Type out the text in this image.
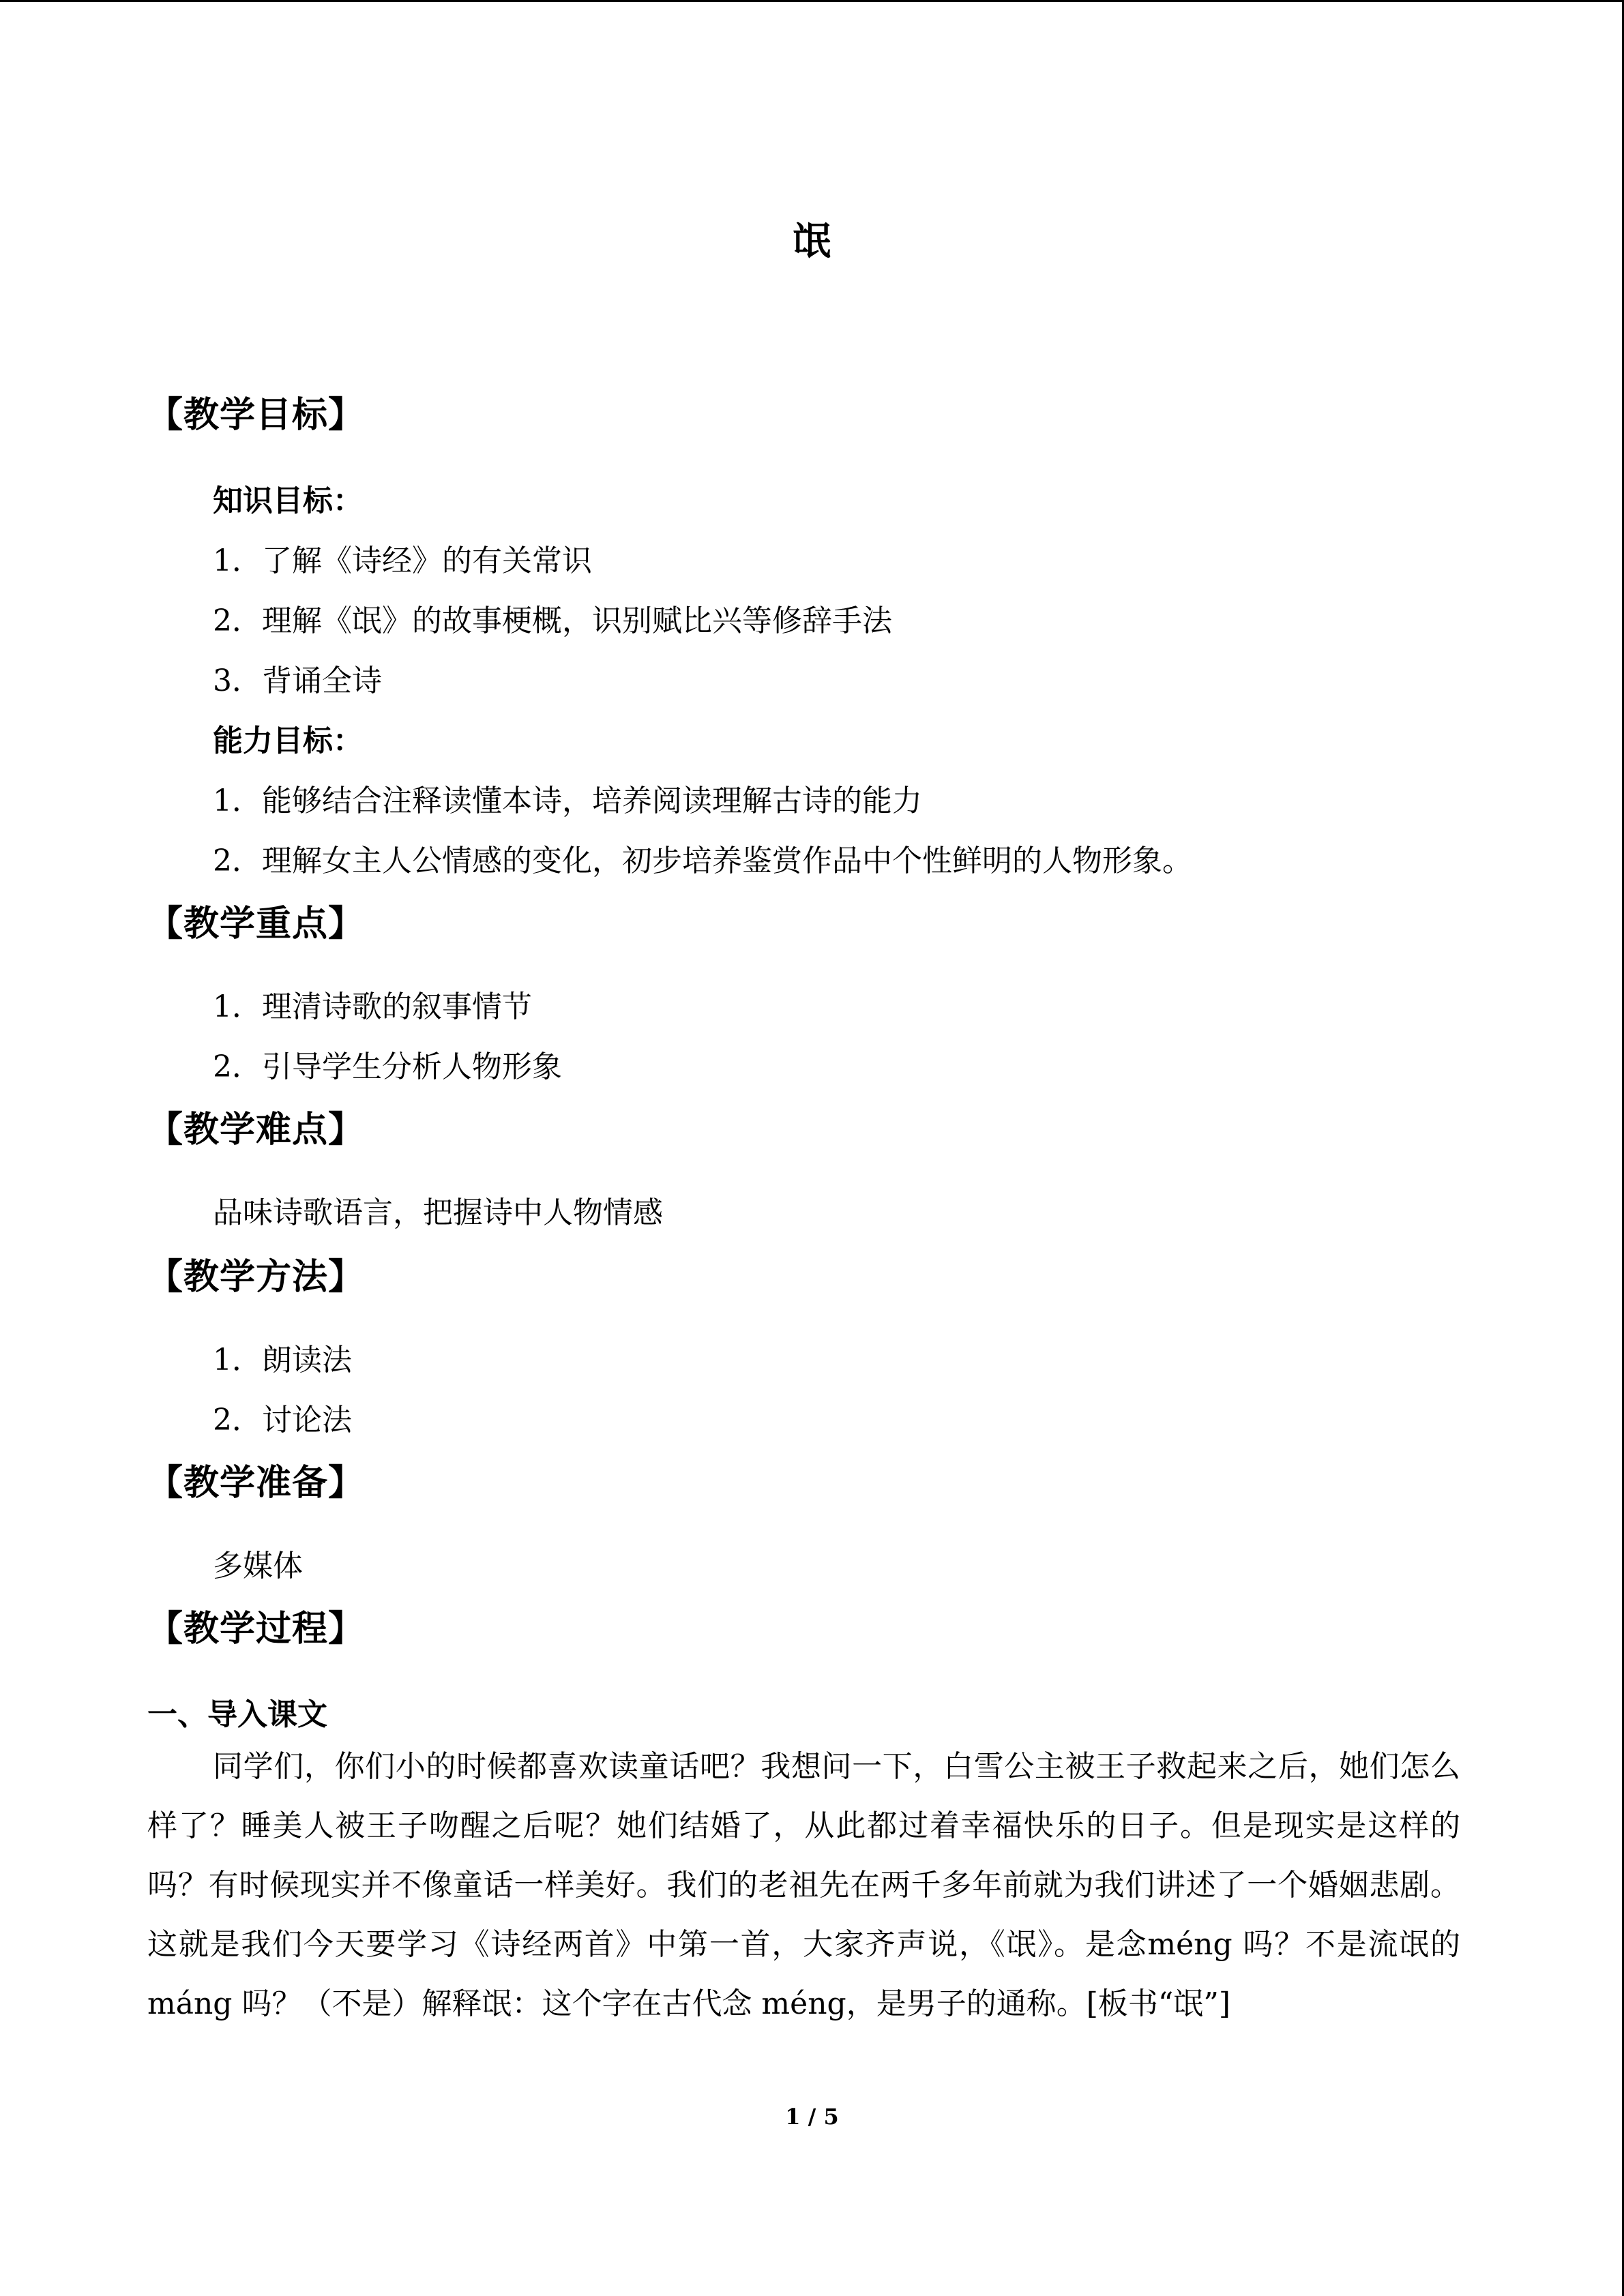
氓
【教学目标】
知识目标：
1．了解《诗经》的有关常识
2．理解《氓》的故事梗概，识别赋比兴等修辞手法
3．背诵全诗
能力目标：
1．能够结合注释读懂本诗，培养阅读理解古诗的能力
2．理解女主人公情感的变化，初步培养鉴赏作品中个性鲜明的人物形象。
【教学重点】
1．理清诗歌的叙事情节
2．引导学生分析人物形象
【教学难点】
品味诗歌语言，把握诗中人物情感
【教学方法】
1．朗读法
2．讨论法
【教学准备】
多媒体
【教学过程】
一、导入课文
同学们，你们小的时候都喜欢读童话吧？我想问一下，白雪公主被王子救起来之后，她们怎么样了？睡美人被王子吻醒之后呢？她们结婚了，从此都过着幸福快乐的日子。但是现实是这样的吗？有时候现实并不像童话一样美好。我们的老祖先在两千多年前就为我们讲述了一个婚姻悲剧。这就是我们今天要学习《诗经两首》中第一首，大家齐声说，《氓》。是念méng 吗？不是流氓的 máng 吗？（不是）解释氓：这个字在古代念 méng，是男子的通称。[板书“氓”]
1 / 5
